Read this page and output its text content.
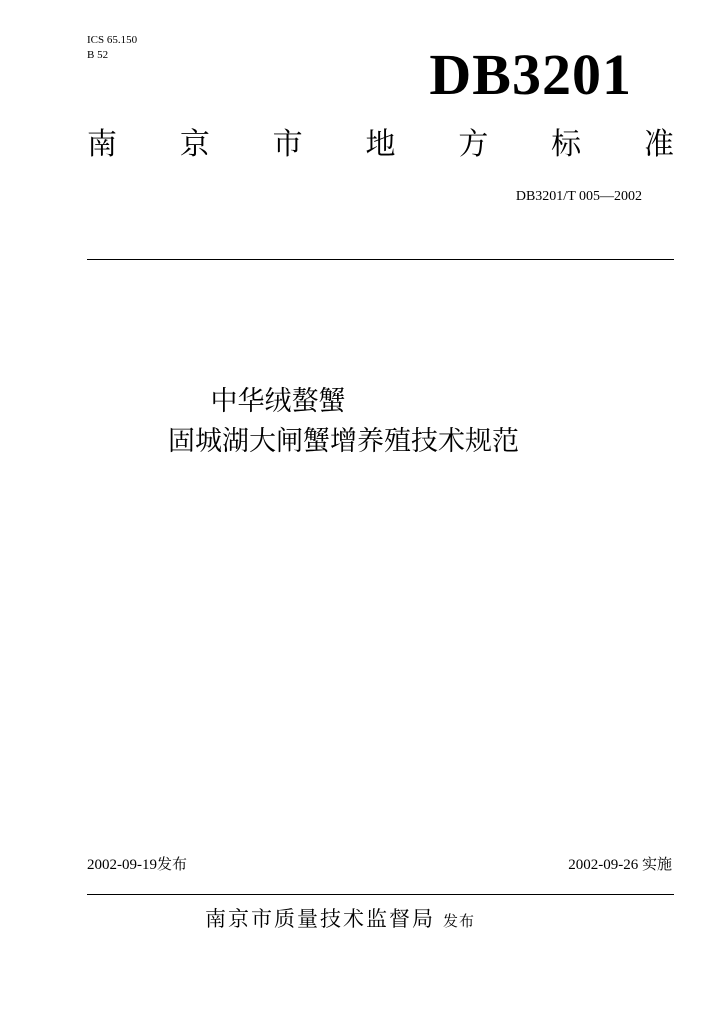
ICS 65.150
B 52	DB3201
南 京 市 地 方 标 准
DB3201/T 005—2002
中华绒螯蟹
固城湖大闸蟹增养殖技术规范
2002-09-19发布	2002-09-26 实施
南京市质量技术监督局 发布
